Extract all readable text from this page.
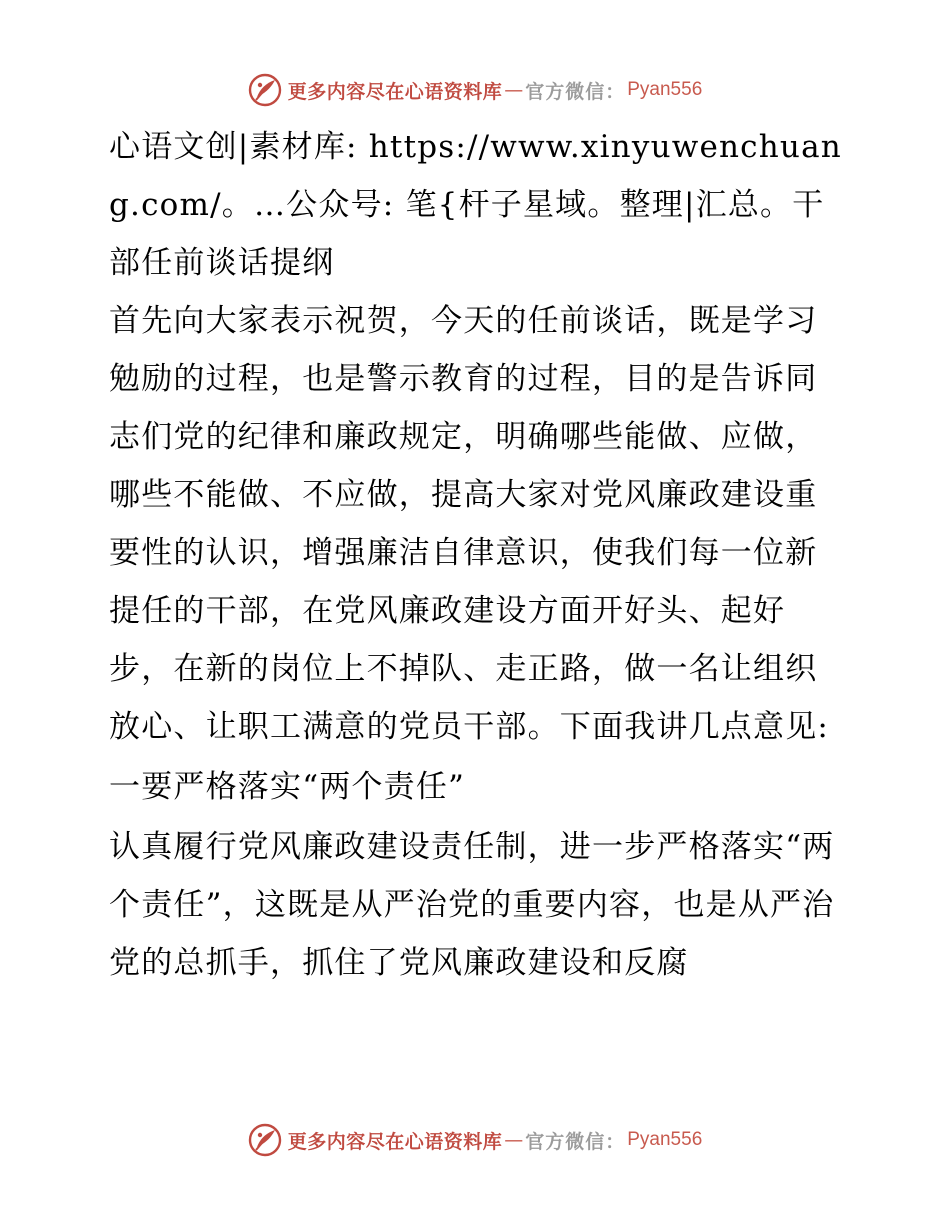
更多内容尽在心语资料库 — 官方微信： Pyan556

心语文创|素材库: https://www.xinyuwenchuang.com/。…公众号: 笔{杆子星域。整理|汇总。干部任前谈话提纲

首先向大家表示祝贺，今天的任前谈话，既是学习勉励的过程，也是警示教育的过程，目的是告诉同志们党的纪律和廉政规定，明确哪些能做、应做，哪些不能做、不应做，提高大家对党风廉政建设重要性的认识，增强廉洁自律意识，使我们每一位新提任的干部，在党风廉政建设方面开好头、起好步，在新的岗位上不掉队、走正路，做一名让组织放心、让职工满意的党员干部。下面我讲几点意见:

一要严格落实“两个责任”

认真履行党风廉政建设责任制，进一步严格落实“两个责任”，这既是从严治党的重要内容，也是从严治党的总抓手，抓住了党风廉政建设和反腐

更多内容尽在心语资料库 — 官方微信： Pyan556
